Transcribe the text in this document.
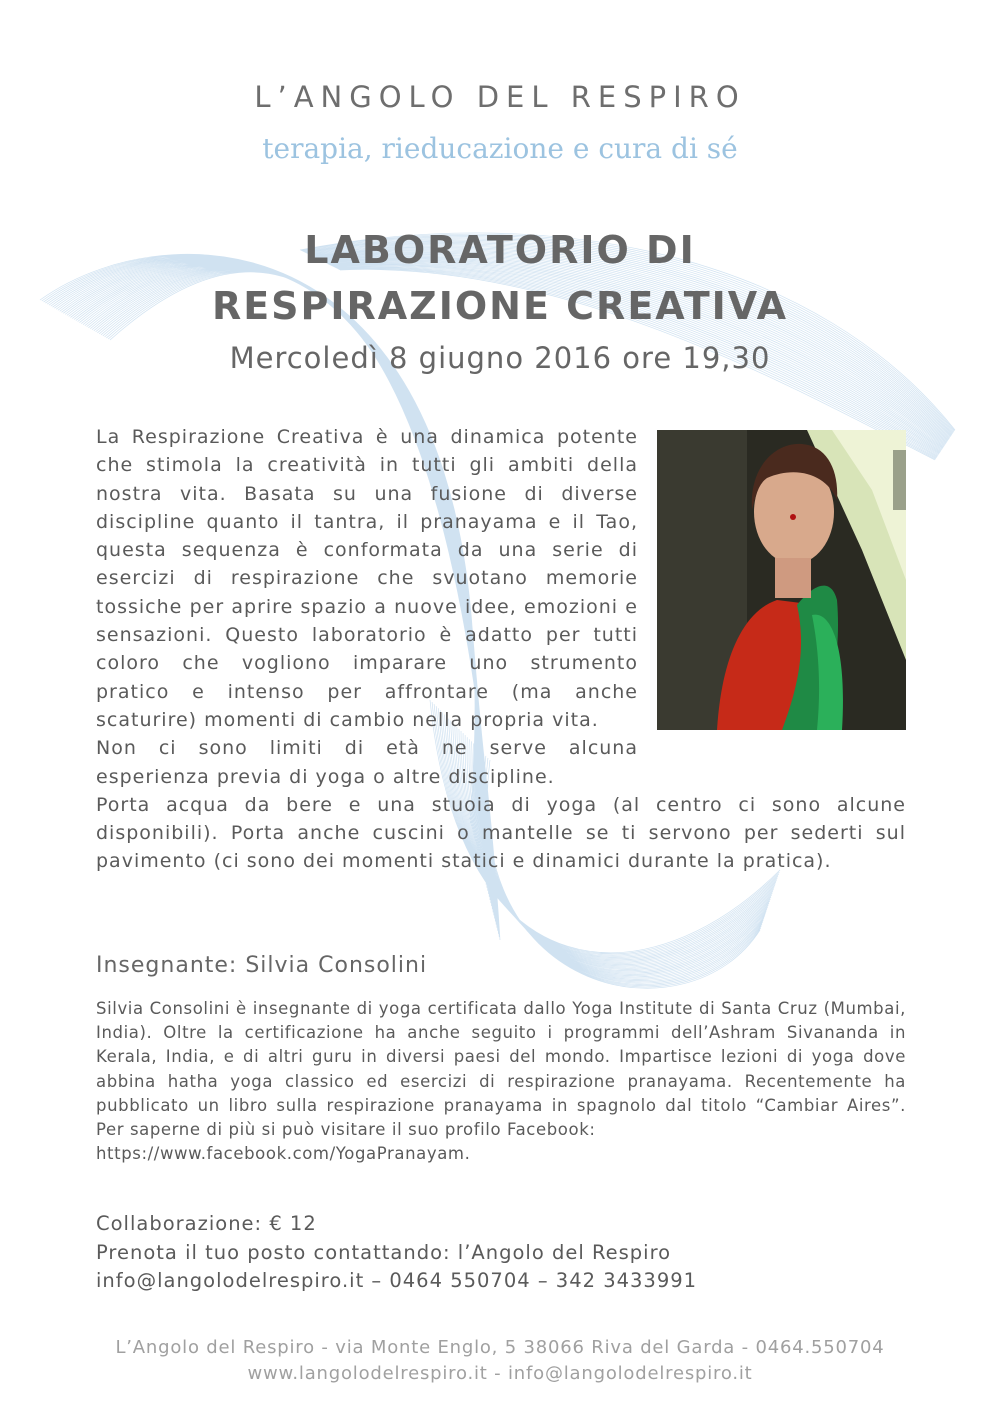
L’ANGOLO DEL RESPIRO
terapia, rieducazione e cura di sé
LABORATORIO DI
RESPIRAZIONE CREATIVA
Mercoledì 8 giugno 2016 ore 19,30

La Respirazione Creativa è una dinamica potente che stimola la creatività in tutti gli ambiti della nostra vita. Basata su una fusione di diverse discipline quanto il tantra, il pranayama e il Tao, questa sequenza è conformata da una serie di esercizi di respirazione che svuotano memorie tossiche per aprire spazio a nuove idee, emozioni e sensazioni. Questo laboratorio è adatto per tutti coloro che vogliono imparare uno strumento pratico e intenso per affrontare (ma anche scaturire) momenti di cambio nella propria vita.

Non ci sono limiti di età ne serve alcuna esperienza previa di yoga o altre discipline.

Porta acqua da bere e una stuoia di yoga (al centro ci sono alcune disponibili). Porta anche cuscini o mantelle se ti servono per sederti sul pavimento (ci sono dei momenti statici e dinamici durante la pratica).

Insegnante: Silvia Consolini

Silvia Consolini è insegnante di yoga certificata dallo Yoga Institute di Santa Cruz (Mumbai, India). Oltre la certificazione ha anche seguito i programmi dell’Ashram Sivananda in Kerala, India, e di altri guru in diversi paesi del mondo. Impartisce lezioni di yoga dove abbina hatha yoga classico ed esercizi di respirazione pranayama. Recentemente ha pubblicato un libro sulla respirazione pranayama in spagnolo dal titolo “Cambiar Aires”. Per saperne di più si può visitare il suo profilo Facebook:

https://www.facebook.com/YogaPranayam.

Collaborazione: € 12
Prenota il tuo posto contattando: l’Angolo del Respiro
info@langolodelrespiro.it – 0464 550704 – 342 3433991
L’Angolo del Respiro - via Monte Englo, 5 38066 Riva del Garda - 0464.550704
www.langolodelrespiro.it - info@langolodelrespiro.it
